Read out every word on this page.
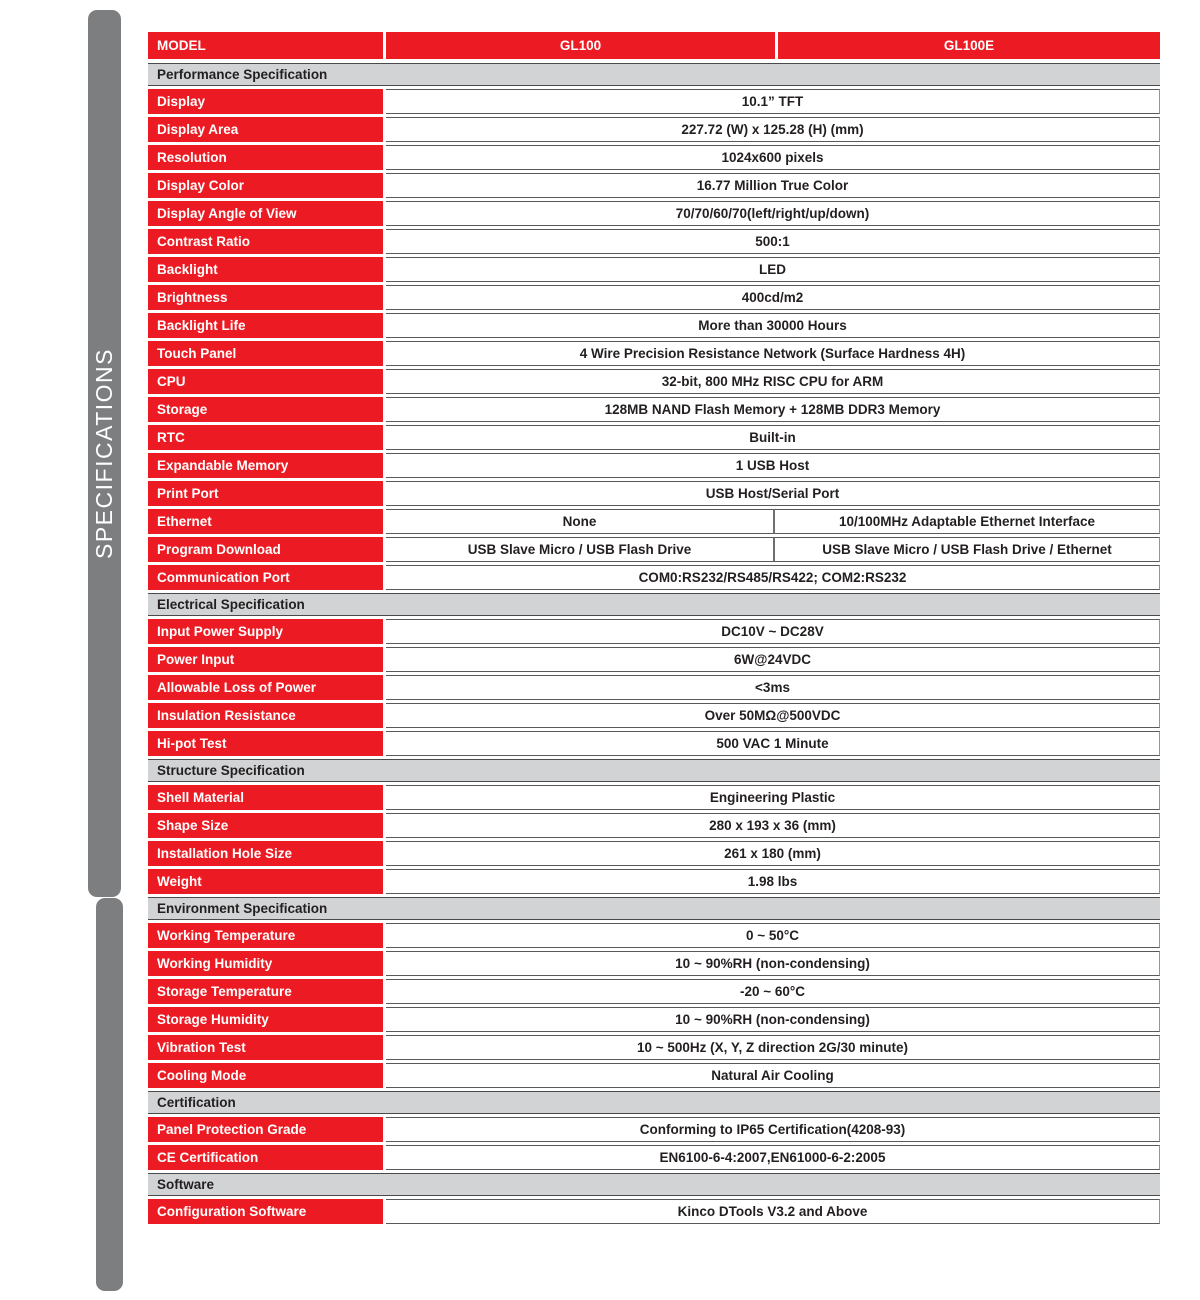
SPECIFICATIONS
MODEL	GL100	GL100E
Performance Specification
Display	10.1” TFT
Display Area	227.72 (W) x 125.28 (H) (mm)
Resolution	1024x600 pixels
Display Color	16.77 Million True Color
Display Angle of View	70/70/60/70(left/right/up/down)
Contrast Ratio	500:1
Backlight	LED
Brightness	400cd/m2
Backlight Life	More than 30000 Hours
Touch Panel	4 Wire Precision Resistance Network (Surface Hardness 4H)
CPU	32-bit, 800 MHz RISC CPU for ARM
Storage	128MB NAND Flash Memory + 128MB DDR3 Memory
RTC	Built-in
Expandable Memory	1 USB Host
Print Port	USB Host/Serial Port
Ethernet	None	10/100MHz Adaptable Ethernet Interface
Program Download	USB Slave Micro / USB Flash Drive	USB Slave Micro / USB Flash Drive / Ethernet
Communication Port	COM0:RS232/RS485/RS422; COM2:RS232
Electrical Specification
Input Power Supply	DC10V ~ DC28V
Power Input	6W@24VDC
Allowable Loss of Power	<3ms
Insulation Resistance	Over 50MΩ@500VDC
Hi-pot Test	500 VAC 1 Minute
Structure Specification
Shell Material	Engineering Plastic
Shape Size	280 x 193 x 36 (mm)
Installation Hole Size	261 x 180 (mm)
Weight	1.98 lbs
Environment Specification
Working Temperature	0 ~ 50°C
Working Humidity	10 ~ 90%RH (non-condensing)
Storage Temperature	-20 ~ 60°C
Storage Humidity	10 ~ 90%RH (non-condensing)
Vibration Test	10 ~ 500Hz (X, Y, Z direction 2G/30 minute)
Cooling Mode	Natural Air Cooling
Certification
Panel Protection Grade	Conforming to IP65 Certification(4208-93)
CE Certification	EN6100-6-4:2007,EN61000-6-2:2005
Software
Configuration Software	Kinco DTools V3.2 and Above
